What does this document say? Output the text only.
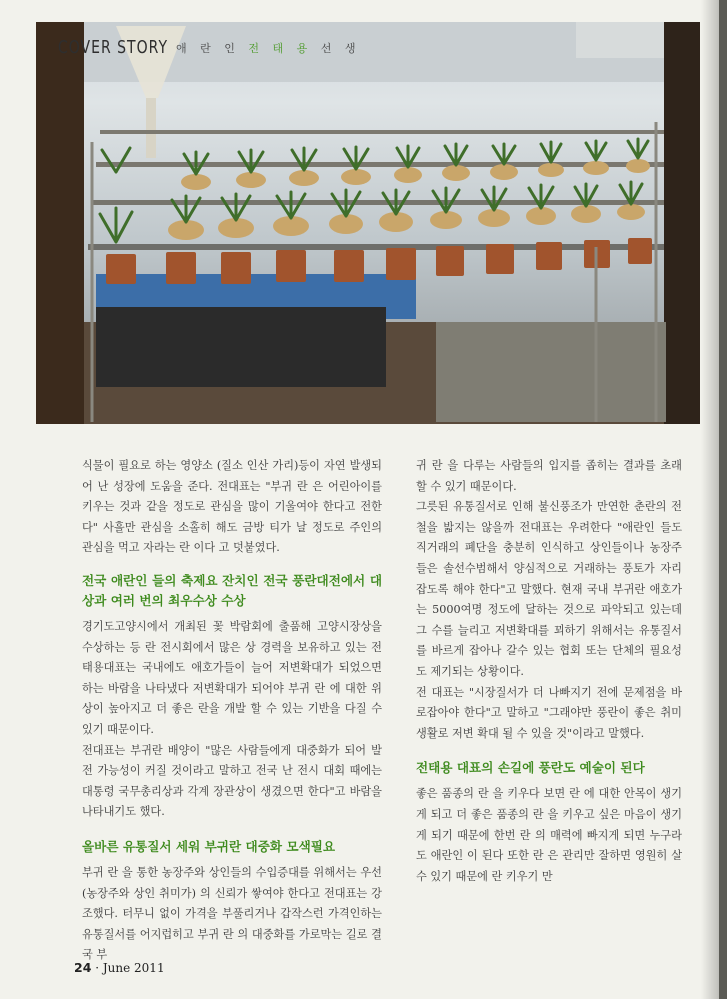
COVER STORY 애 란 인 전 태 용 선 생

식물이 필요로 하는 영양소 (질소 인산 가리)등이 자연 발생되어 난 성장에 도움을 준다. 전대표는 "부귀 란 은 어린아이를 키우는 것과 같을 정도로 관심을 많이 기울여야 한다고 전한다" 사흘만 관심을 소홀히 해도 금방 티가 날 정도로 주인의 관심을 먹고 자라는 란 이다 고 덧붙였다.

전국 애란인 들의 축제요 잔치인 전국 풍란대전에서 대상과 여러 번의 최우수상 수상

경기도고양시에서 개최된 꽃 박람회에 출품해 고양시장상을 수상하는 등 란 전시회에서 많은 상 경력을 보유하고 있는 전태용대표는 국내에도 애호가들이 늘어 저변확대가 되었으면 하는 바람을 나타냈다 저변확대가 되어야 부귀 란 에 대한 위상이 높아지고 더 좋은 란을 개발 할 수 있는 기반을 다질 수 있기 때문이다.

전대표는 부귀란 배양이 "많은 사람들에게 대중화가 되어 발전 가능성이 커질 것이라고 말하고 전국 난 전시 대회 때에는 대통령 국무총리상과 각계 장관상이 생겼으면 한다"고 바람을 나타내기도 했다.

올바른 유통질서 세워 부귀란 대중화 모색필요

부귀 란 을 통한 농장주와 상인들의 수입증대를 위해서는 우선 (농장주와 상인 취미가) 의 신뢰가 쌓여야 한다고 전대표는 강조했다. 터무니 없이 가격을 부풀리거나 갑작스런 가격인하는 유통질서를 어지럽히고 부귀 란 의 대중화를 가로막는 길로 결국 부

귀 란 을 다루는 사람들의 입지를 좁히는 결과를 초래할 수 있기 때문이다.

그릇된 유통질서로 인해 불신풍조가 만연한 춘란의 전철을 밟지는 않을까 전대표는 우려한다 "애란인 들도 직거래의 폐단을 충분히 인식하고 상인들이나 농장주들은 솔선수범해서 양심적으로 거래하는 풍토가 자리잡도록 해야 한다"고 말했다. 현재 국내 부귀란 애호가는 5000여명 정도에 달하는 것으로 파악되고 있는데 그 수를 늘리고 저변확대를 꾀하기 위해서는 유통질서를 바르게 잡아나 갈수 있는 협회 또는 단체의 필요성도 제기되는 상황이다.

전 대표는 "시장질서가 더 나빠지기 전에 문제점을 바로잡아야 한다"고 말하고 "그래야만 풍란이 좋은 취미생활로 저변 확대 될 수 있을 것"이라고 말했다.

전태용 대표의 손길에 풍란도 예술이 된다

좋은 품종의 란 을 키우다 보면 란 에 대한 안목이 생기게 되고 더 좋은 품종의 란 을 키우고 싶은 마음이 생기게 되기 때문에 한번 란 의 매력에 빠지게 되면 누구라도 애란인 이 된다 또한 란 은 관리만 잘하면 영원히 살 수 있기 때문에 란 키우기 만

24 · June 2011
